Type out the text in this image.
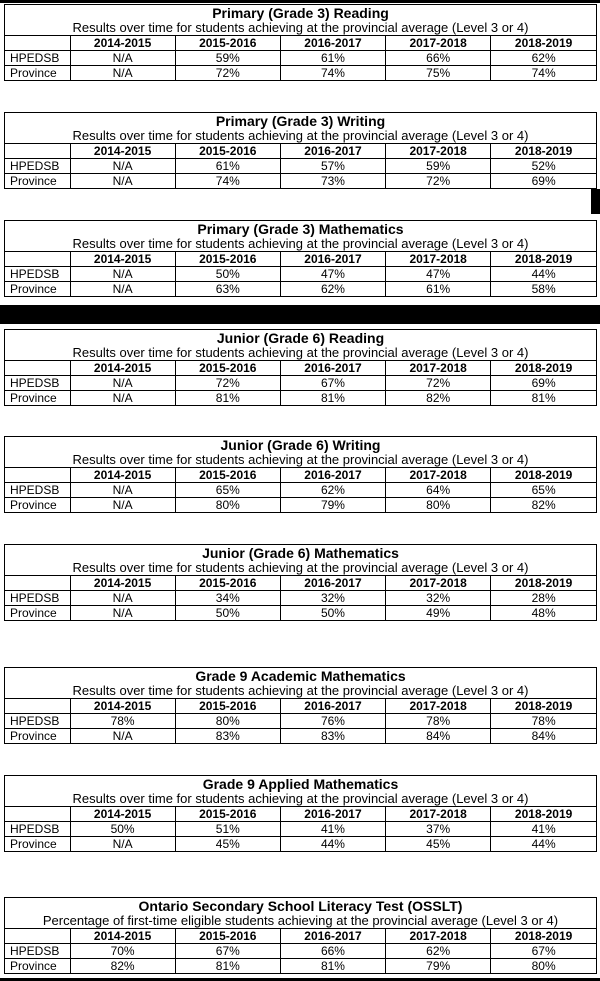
Primary (Grade 3) Reading
Results over time for students achieving at the provincial average (Level 3 or 4)
	2014-2015	2015-2016	2016-2017	2017-2018	2018-2019
HPEDSB	N/A	59%	61%	66%	62%
Province	N/A	72%	74%	75%	74%
Primary (Grade 3) Writing
Results over time for students achieving at the provincial average (Level 3 or 4)
	2014-2015	2015-2016	2016-2017	2017-2018	2018-2019
HPEDSB	N/A	61%	57%	59%	52%
Province	N/A	74%	73%	72%	69%
Primary (Grade 3) Mathematics
Results over time for students achieving at the provincial average (Level 3 or 4)
	2014-2015	2015-2016	2016-2017	2017-2018	2018-2019
HPEDSB	N/A	50%	47%	47%	44%
Province	N/A	63%	62%	61%	58%
Junior (Grade 6) Reading
Results over time for students achieving at the provincial average (Level 3 or 4)
	2014-2015	2015-2016	2016-2017	2017-2018	2018-2019
HPEDSB	N/A	72%	67%	72%	69%
Province	N/A	81%	81%	82%	81%
Junior (Grade 6) Writing
Results over time for students achieving at the provincial average (Level 3 or 4)
	2014-2015	2015-2016	2016-2017	2017-2018	2018-2019
HPEDSB	N/A	65%	62%	64%	65%
Province	N/A	80%	79%	80%	82%
Junior (Grade 6) Mathematics
Results over time for students achieving at the provincial average (Level 3 or 4)
	2014-2015	2015-2016	2016-2017	2017-2018	2018-2019
HPEDSB	N/A	34%	32%	32%	28%
Province	N/A	50%	50%	49%	48%
Grade 9 Academic Mathematics
Results over time for students achieving at the provincial average (Level 3 or 4)
	2014-2015	2015-2016	2016-2017	2017-2018	2018-2019
HPEDSB	78%	80%	76%	78%	78%
Province	N/A	83%	83%	84%	84%
Grade 9 Applied Mathematics
Results over time for students achieving at the provincial average (Level 3 or 4)
	2014-2015	2015-2016	2016-2017	2017-2018	2018-2019
HPEDSB	50%	51%	41%	37%	41%
Province	N/A	45%	44%	45%	44%
Ontario Secondary School Literacy Test (OSSLT)
Percentage of first-time eligible students achieving at the provincial average (Level 3 or 4)
	2014-2015	2015-2016	2016-2017	2017-2018	2018-2019
HPEDSB	70%	67%	66%	62%	67%
Province	82%	81%	81%	79%	80%
